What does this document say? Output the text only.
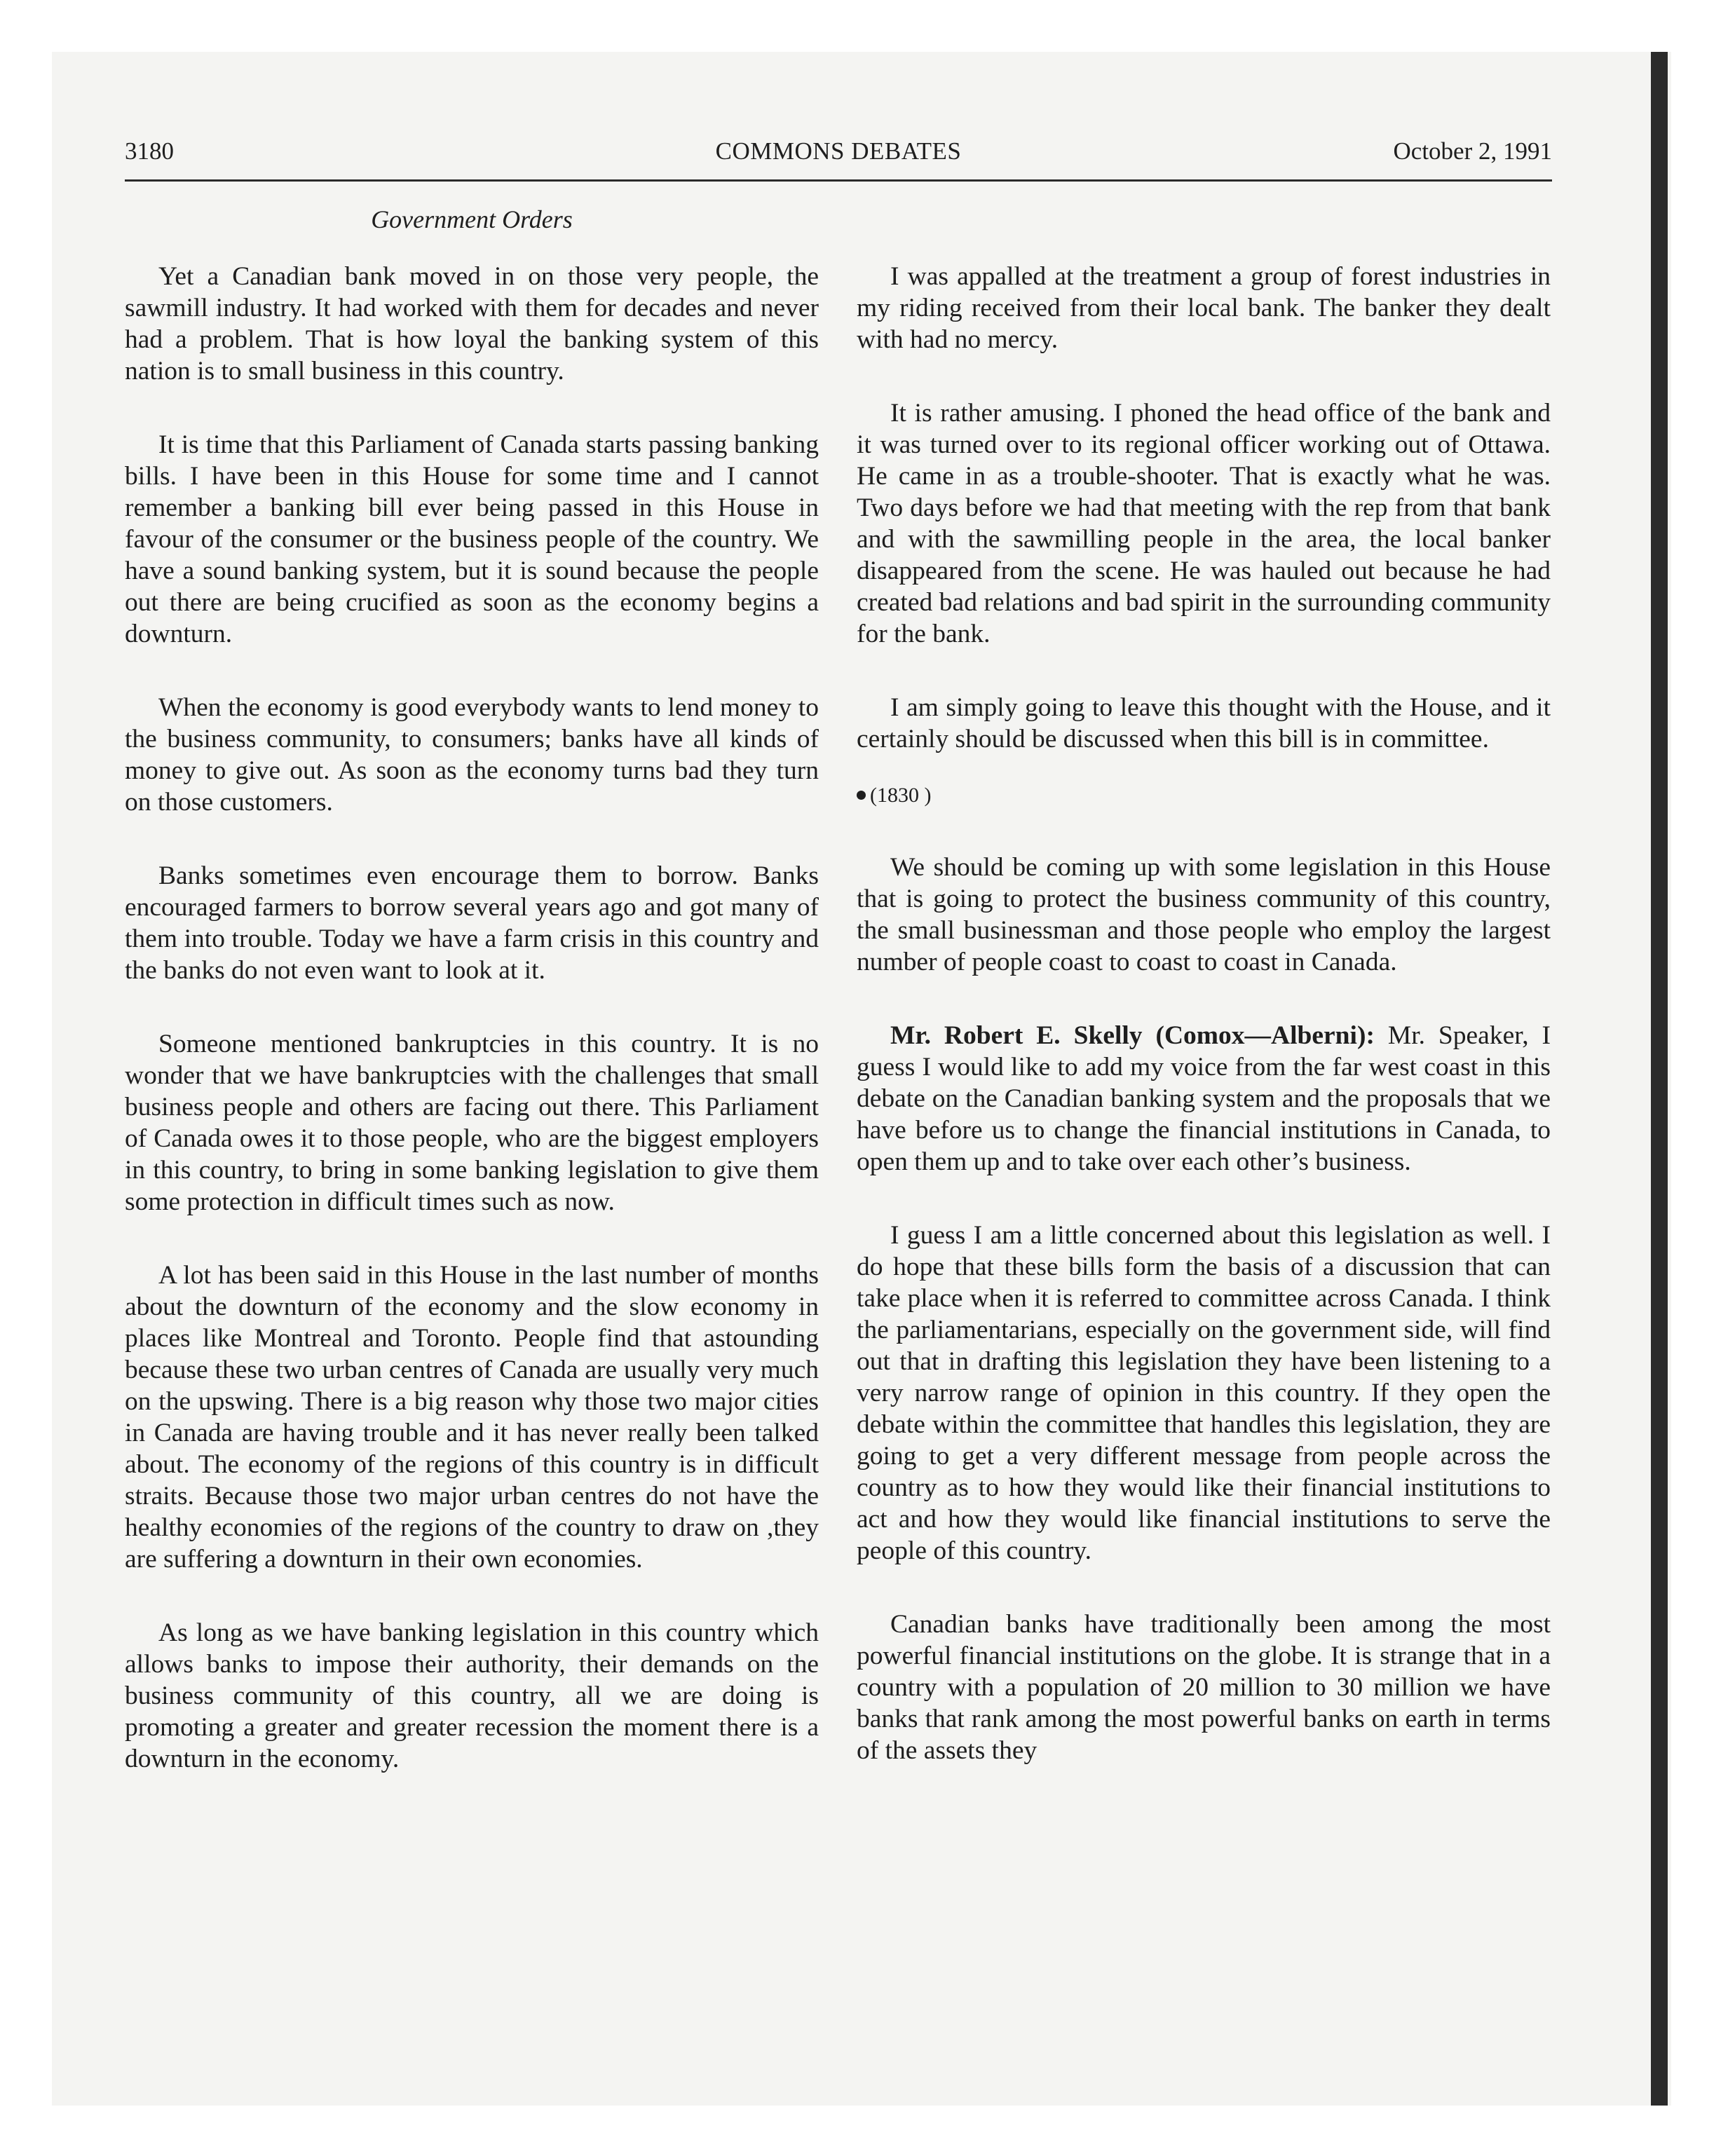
3180	COMMONS DEBATES	October 2, 1991
Government Orders

Yet a Canadian bank moved in on those very people, the sawmill industry. It had worked with them for decades and never had a problem. That is how loyal the banking system of this nation is to small business in this country.

It is time that this Parliament of Canada starts passing banking bills. I have been in this House for some time and I cannot remember a banking bill ever being passed in this House in favour of the consumer or the business people of the country. We have a sound banking system, but it is sound because the people out there are being crucified as soon as the economy begins a downturn.

When the economy is good everybody wants to lend money to the business community, to consumers; banks have all kinds of money to give out. As soon as the economy turns bad they turn on those customers.

Banks sometimes even encourage them to borrow. Banks encouraged farmers to borrow several years ago and got many of them into trouble. Today we have a farm crisis in this country and the banks do not even want to look at it.

Someone mentioned bankruptcies in this country. It is no wonder that we have bankruptcies with the challenges that small business people and others are facing out there. This Parliament of Canada owes it to those people, who are the biggest employers in this country, to bring in some banking legislation to give them some protection in difficult times such as now.

A lot has been said in this House in the last number of months about the downturn of the economy and the slow economy in places like Montreal and Toronto. People find that astounding because these two urban centres of Canada are usually very much on the upswing. There is a big reason why those two major cities in Canada are having trouble and it has never really been talked about. The economy of the regions of this country is in difficult straits. Because those two major urban centres do not have the healthy economies of the regions of the country to draw on ,they are suffering a downturn in their own economies.

As long as we have banking legislation in this country which allows banks to impose their authority, their demands on the business community of this country, all we are doing is promoting a greater and greater recession the moment there is a downturn in the economy.

I was appalled at the treatment a group of forest industries in my riding received from their local bank. The banker they dealt with had no mercy.

It is rather amusing. I phoned the head office of the bank and it was turned over to its regional officer working out of Ottawa. He came in as a trouble-shooter. That is exactly what he was. Two days before we had that meeting with the rep from that bank and with the sawmilling people in the area, the local banker disappeared from the scene. He was hauled out because he had created bad relations and bad spirit in the surrounding community for the bank.

I am simply going to leave this thought with the House, and it certainly should be discussed when this bill is in committee.

(1830 )

We should be coming up with some legislation in this House that is going to protect the business community of this country, the small businessman and those people who employ the largest number of people coast to coast to coast in Canada.

Mr. Robert E. Skelly (Comox—Alberni): Mr. Speaker, I guess I would like to add my voice from the far west coast in this debate on the Canadian banking system and the proposals that we have before us to change the financial institutions in Canada, to open them up and to take over each other’s business.

I guess I am a little concerned about this legislation as well. I do hope that these bills form the basis of a discussion that can take place when it is referred to committee across Canada. I think the parliamentarians, especially on the government side, will find out that in drafting this legislation they have been listening to a very narrow range of opinion in this country. If they open the debate within the committee that handles this legislation, they are going to get a very different message from people across the country as to how they would like their financial institutions to act and how they would like financial institutions to serve the people of this country.

Canadian banks have traditionally been among the most powerful financial institutions on the globe. It is strange that in a country with a population of 20 million to 30 million we have banks that rank among the most powerful banks on earth in terms of the assets they
